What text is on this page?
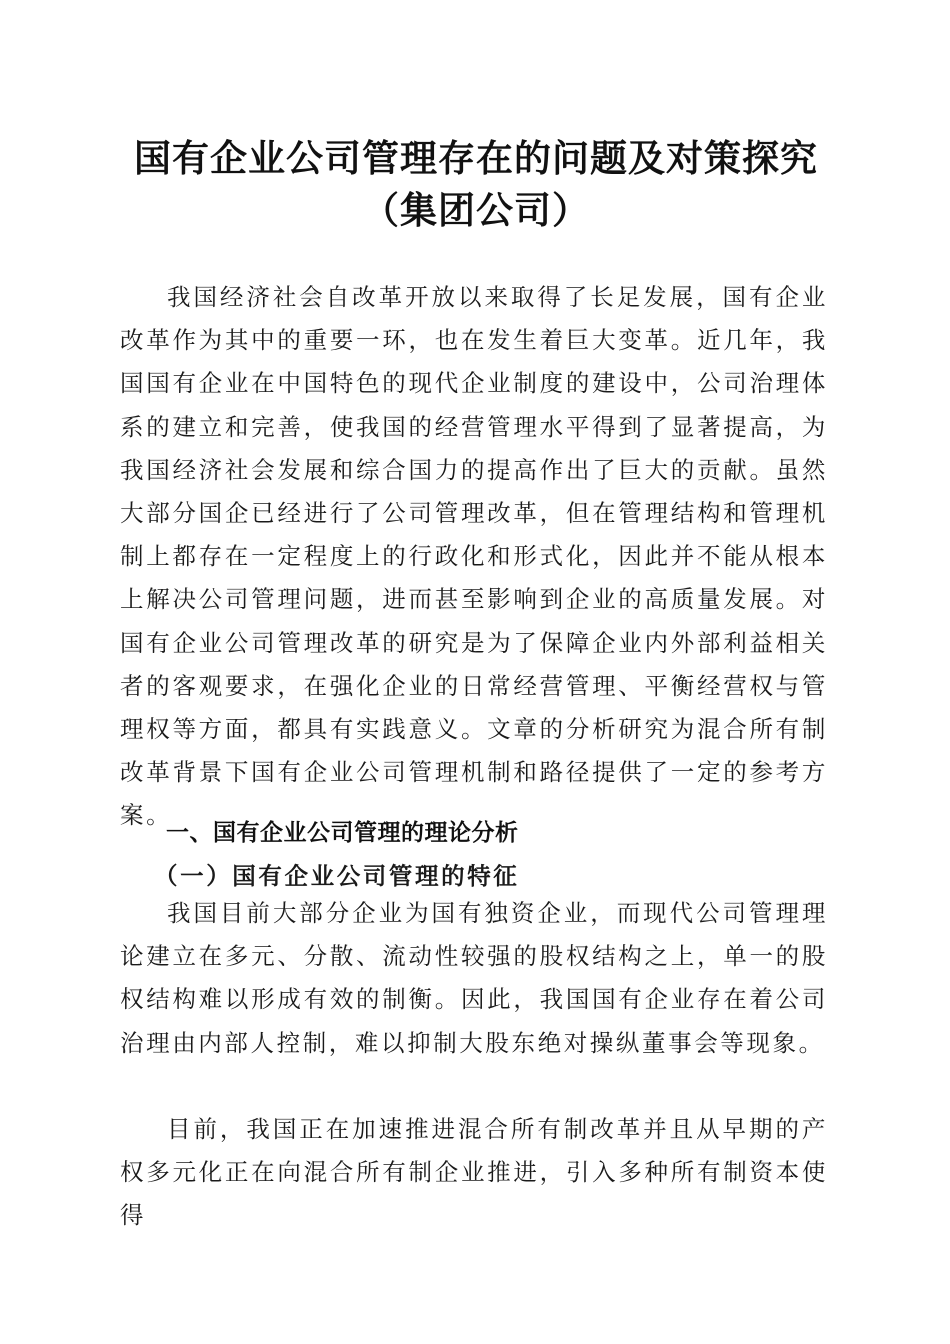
国有企业公司管理存在的问题及对策探究（集团公司）

我国经济社会自改革开放以来取得了长足发展，国有企业改革作为其中的重要一环，也在发生着巨大变革。近几年，我国国有企业在中国特色的现代企业制度的建设中，公司治理体系的建立和完善，使我国的经营管理水平得到了显著提高，为我国经济社会发展和综合国力的提高作出了巨大的贡献。虽然大部分国企已经进行了公司管理改革，但在管理结构和管理机制上都存在一定程度上的行政化和形式化，因此并不能从根本上解决公司管理问题，进而甚至影响到企业的高质量发展。对国有企业公司管理改革的研究是为了保障企业内外部利益相关者的客观要求，在强化企业的日常经营管理、平衡经营权与管理权等方面，都具有实践意义。文章的分析研究为混合所有制改革背景下国有企业公司管理机制和路径提供了一定的参考方案。

一、国有企业公司管理的理论分析
（一）国有企业公司管理的特征

我国目前大部分企业为国有独资企业，而现代公司管理理论建立在多元、分散、流动性较强的股权结构之上，单一的股权结构难以形成有效的制衡。因此，我国国有企业存在着公司治理由内部人控制，难以抑制大股东绝对操纵董事会等现象。

目前，我国正在加速推进混合所有制改革并且从早期的产权多元化正在向混合所有制企业推进，引入多种所有制资本使得
